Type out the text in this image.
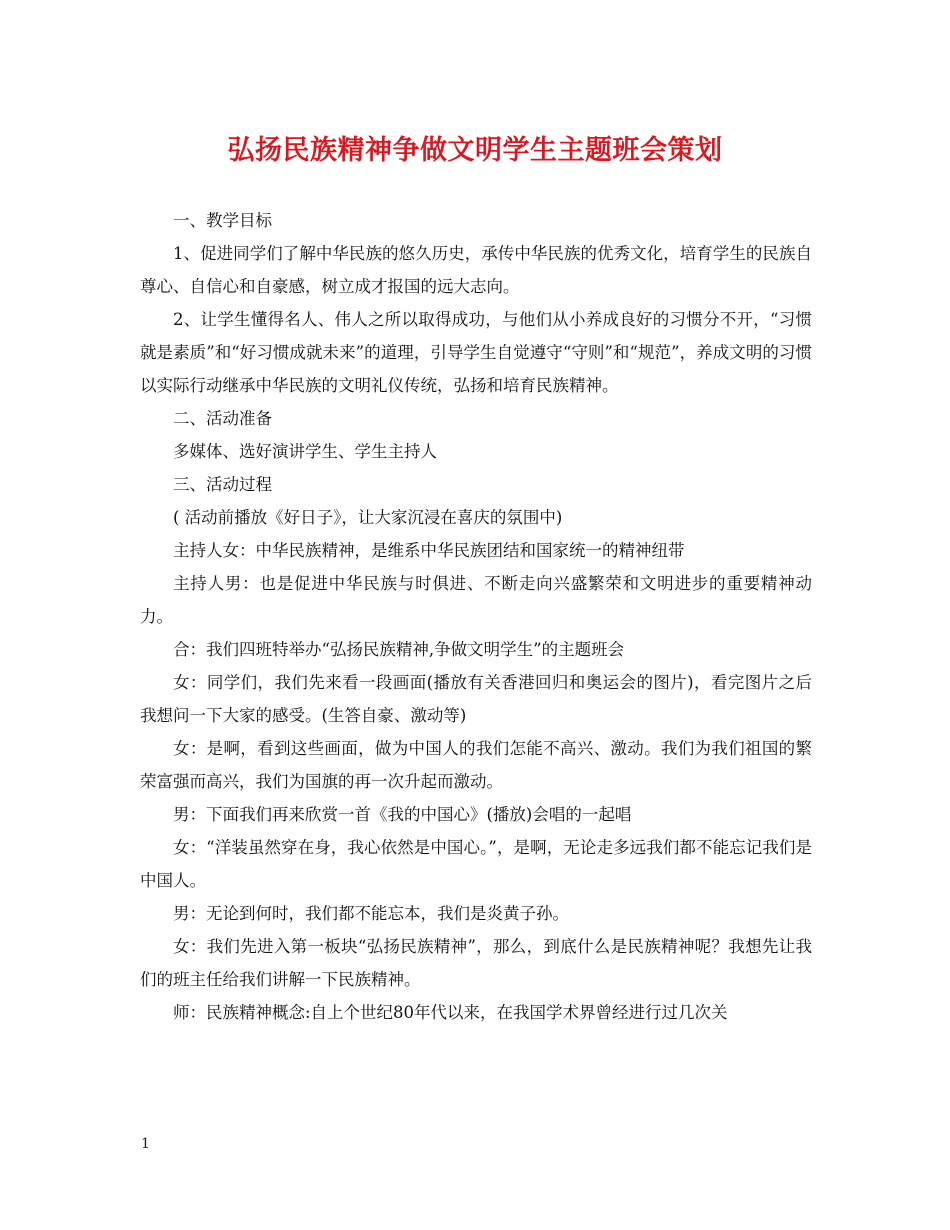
弘扬民族精神争做文明学生主题班会策划

一、教学目标

1、促进同学们了解中华民族的悠久历史，承传中华民族的优秀文化，培育学生的民族自尊心、自信心和自豪感，树立成才报国的远大志向。

2、让学生懂得名人、伟人之所以取得成功，与他们从小养成良好的习惯分不开，“习惯就是素质”和“好习惯成就未来”的道理，引导学生自觉遵守“守则”和“规范”，养成文明的习惯以实际行动继承中华民族的文明礼仪传统，弘扬和培育民族精神。

二、活动准备

多媒体、选好演讲学生、学生主持人

三、活动过程

( 活动前播放《好日子》，让大家沉浸在喜庆的氛围中)

主持人女：中华民族精神，是维系中华民族团结和国家统一的精神纽带

主持人男：也是促进中华民族与时俱进、不断走向兴盛繁荣和文明进步的重要精神动力。

合：我们四班特举办“弘扬民族精神,争做文明学生”的主题班会

女：同学们，我们先来看一段画面(播放有关香港回归和奥运会的图片)，看完图片之后我想问一下大家的感受。(生答自豪、激动等)

女：是啊，看到这些画面，做为中国人的我们怎能不高兴、激动。我们为我们祖国的繁荣富强而高兴，我们为国旗的再一次升起而激动。

男：下面我们再来欣赏一首《我的中国心》(播放)会唱的一起唱

女：“洋装虽然穿在身，我心依然是中国心。”，是啊，无论走多远我们都不能忘记我们是中国人。

男：无论到何时，我们都不能忘本，我们是炎黄子孙。

女：我们先进入第一板块“弘扬民族精神”，那么，到底什么是民族精神呢？我想先让我们的班主任给我们讲解一下民族精神。

师：民族精神概念:自上个世纪80年代以来，在我国学术界曾经进行过几次关

1
